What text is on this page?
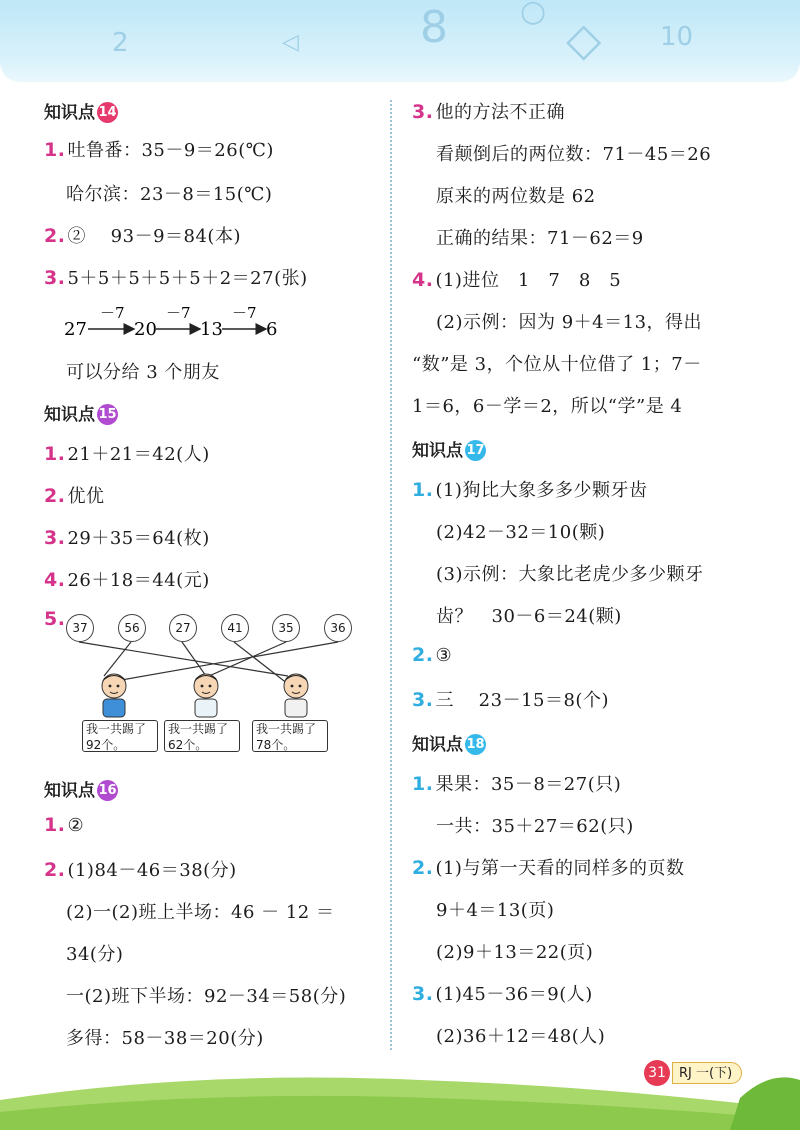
2	◁	8	◇ 10
○
知识点 14
1. 吐鲁番：35－9＝26(℃)
哈尔滨：23－8＝15(℃)
2. ②　 93－9＝84(本)
3. 5＋5＋5＋5＋5＋2＝27(张)
27
－7
20
－7
13
－7
6
可以分给 3 个朋友
知识点 15
1. 21＋21＝42(人)
2. 优优
3. 29＋35＝64(枚)
4. 26＋18＝44(元)
5. 37	56	27	41	35	36
我一共踢了
92个。
我一共踢了
62个。
我一共踢了
78个。
知识点 16
1. ②
2. (1)84－46＝38(分)
(2)一(2)班上半场：46 － 12 ＝
34(分)
一(2)班下半场：92－34＝58(分)
多得：58－38＝20(分)
3. 他的方法不正确
看颠倒后的两位数：71－45＝26
原来的两位数是 62
正确的结果：71－62＝9
4. (1)进位　1　7　8　5
(2)示例：因为 9＋4＝13，得出
“数”是 3，个位从十位借了 1；7－
1＝6，6－学＝2，所以“学”是 4
知识点 17
1. (1)狗比大象多多少颗牙齿
(2)42－32＝10(颗)
(3)示例：大象比老虎少多少颗牙
齿？　30－6＝24(颗)
2. ③
3. 三　 23－15＝8(个)
知识点 18
1. 果果：35－8＝27(只)
一共：35＋27＝62(只)
2. (1)与第一天看的同样多的页数
9＋4＝13(页)
(2)9＋13＝22(页)
3. (1)45－36＝9(人)
(2)36＋12＝48(人)
31	RJ 一(下)
